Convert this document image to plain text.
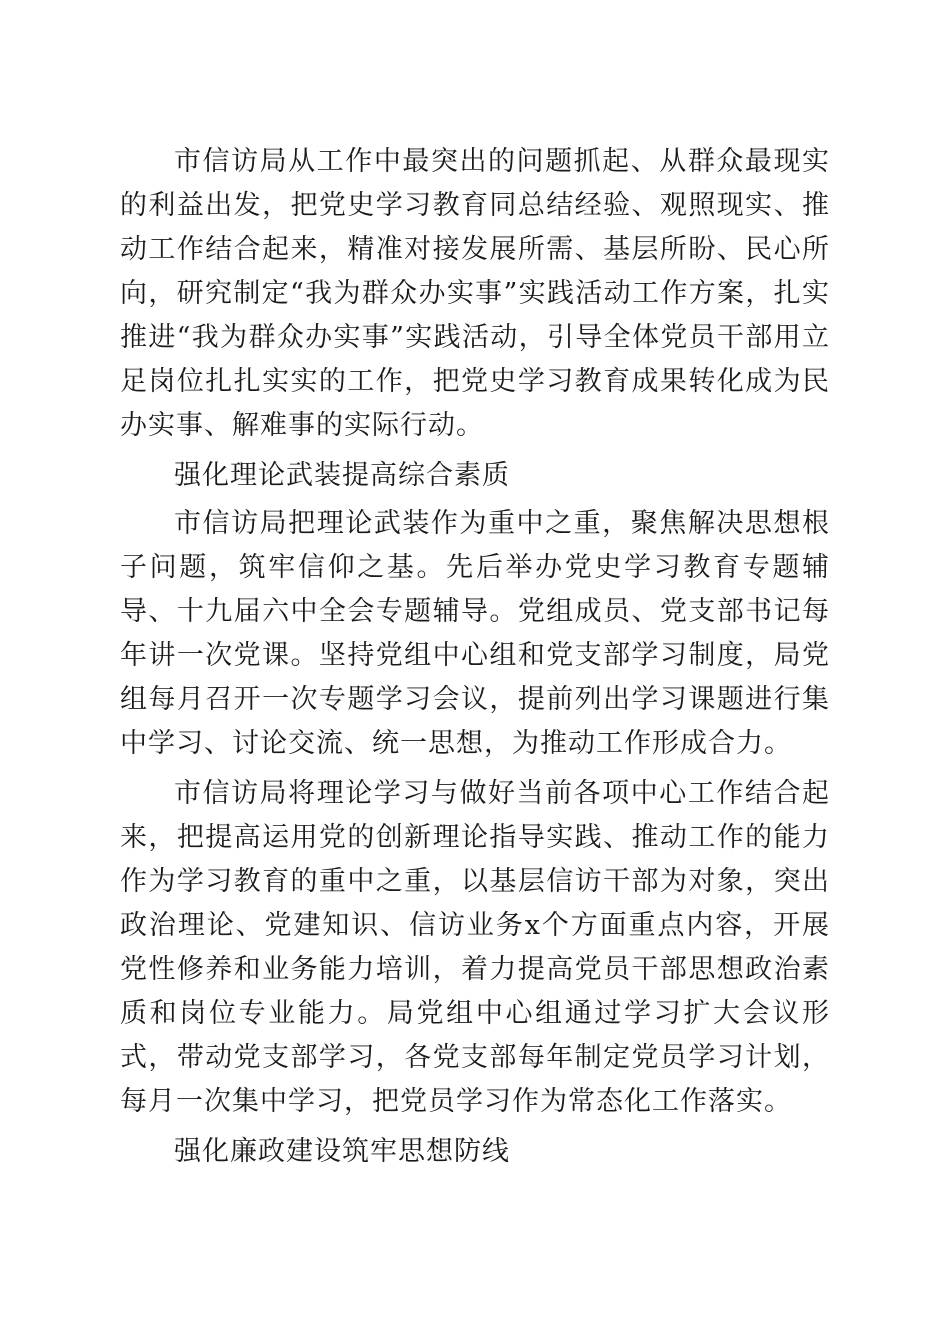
市信访局从工作中最突出的问题抓起、从群众最现实的利益出发，把党史学习教育同总结经验、观照现实、推动工作结合起来，精准对接发展所需、基层所盼、民心所向，研究制定“我为群众办实事”实践活动工作方案，扎实推进“我为群众办实事”实践活动，引导全体党员干部用立足岗位扎扎实实的工作，把党史学习教育成果转化成为民办实事、解难事的实际行动。

强化理论武装提高综合素质

市信访局把理论武装作为重中之重，聚焦解决思想根子问题，筑牢信仰之基。先后举办党史学习教育专题辅导、十九届六中全会专题辅导。党组成员、党支部书记每年讲一次党课。坚持党组中心组和党支部学习制度，局党组每月召开一次专题学习会议，提前列出学习课题进行集中学习、讨论交流、统一思想，为推动工作形成合力。

市信访局将理论学习与做好当前各项中心工作结合起来，把提高运用党的创新理论指导实践、推动工作的能力作为学习教育的重中之重，以基层信访干部为对象，突出政治理论、党建知识、信访业务x个方面重点内容，开展党性修养和业务能力培训，着力提高党员干部思想政治素质和岗位专业能力。局党组中心组通过学习扩大会议形式，带动党支部学习，各党支部每年制定党员学习计划，每月一次集中学习，把党员学习作为常态化工作落实。

强化廉政建设筑牢思想防线
